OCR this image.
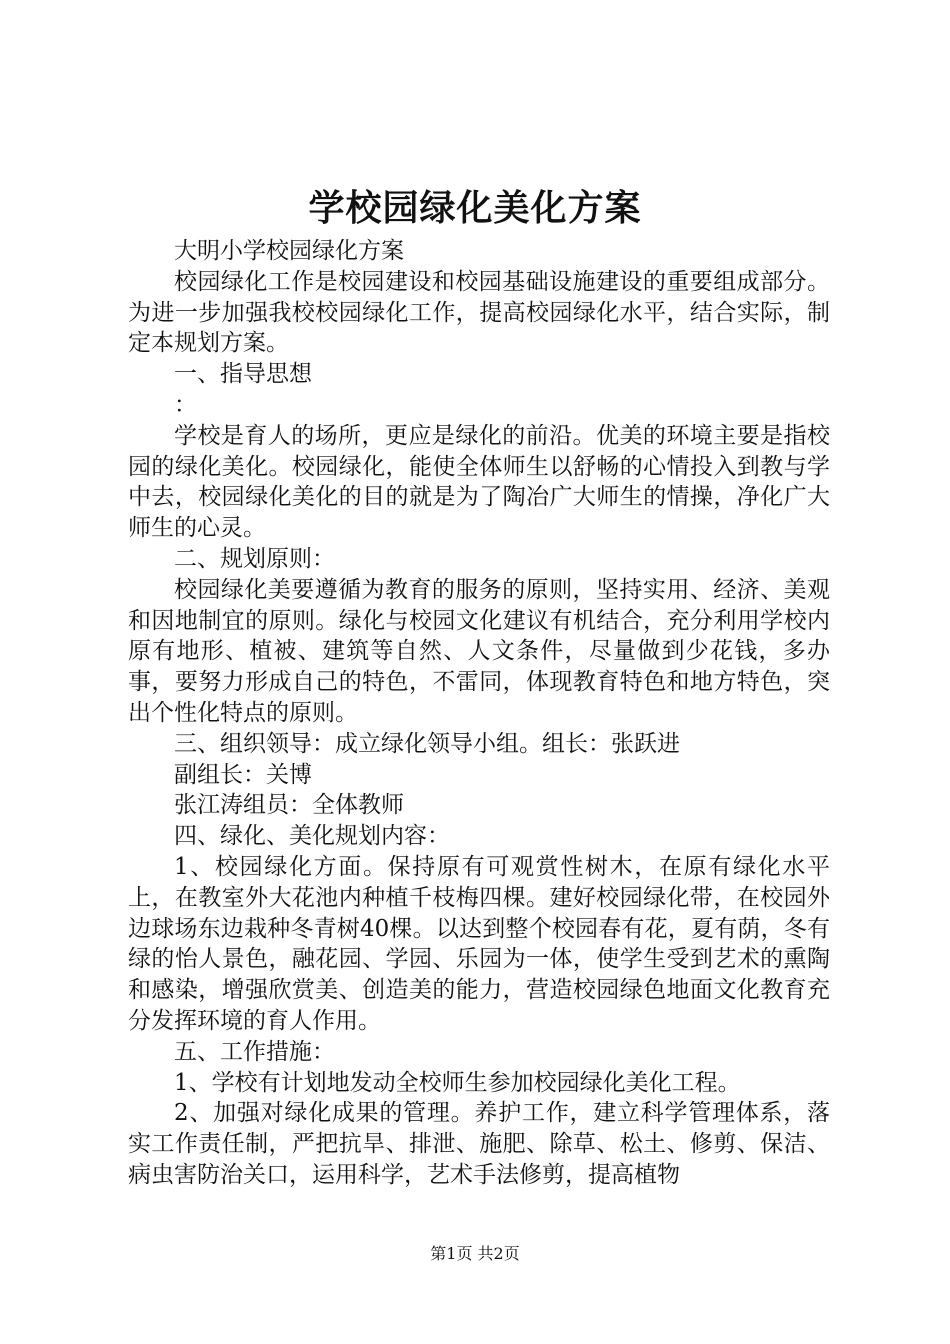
学校园绿化美化方案

大明小学校园绿化方案

校园绿化工作是校园建设和校园基础设施建设的重要组成部分。为进一步加强我校校园绿化工作，提高校园绿化水平，结合实际，制定本规划方案。

一、指导思想

：

学校是育人的场所，更应是绿化的前沿。优美的环境主要是指校园的绿化美化。校园绿化，能使全体师生以舒畅的心情投入到教与学中去，校园绿化美化的目的就是为了陶冶广大师生的情操，净化广大师生的心灵。

二、规划原则：

校园绿化美要遵循为教育的服务的原则，坚持实用、经济、美观和因地制宜的原则。绿化与校园文化建议有机结合，充分利用学校内原有地形、植被、建筑等自然、人文条件，尽量做到少花钱，多办事，要努力形成自己的特色，不雷同，体现教育特色和地方特色，突出个性化特点的原则。

三、组织领导：成立绿化领导小组。组长：张跃进

副组长：关博

张江涛组员：全体教师

四、绿化、美化规划内容：

1、校园绿化方面。保持原有可观赏性树木，在原有绿化水平上，在教室外大花池内种植千枝梅四棵。建好校园绿化带，在校园外边球场东边栽种冬青树40棵。以达到整个校园春有花，夏有荫，冬有绿的怡人景色，融花园、学园、乐园为一体，使学生受到艺术的熏陶和感染，增强欣赏美、创造美的能力，营造校园绿色地面文化教育充分发挥环境的育人作用。

五、工作措施：

1、学校有计划地发动全校师生参加校园绿化美化工程。

2、加强对绿化成果的管理。养护工作，建立科学管理体系，落实工作责任制，严把抗旱、排泄、施肥、除草、松土、修剪、保洁、病虫害防治关口，运用科学，艺术手法修剪，提高植物

第1页 共2页
